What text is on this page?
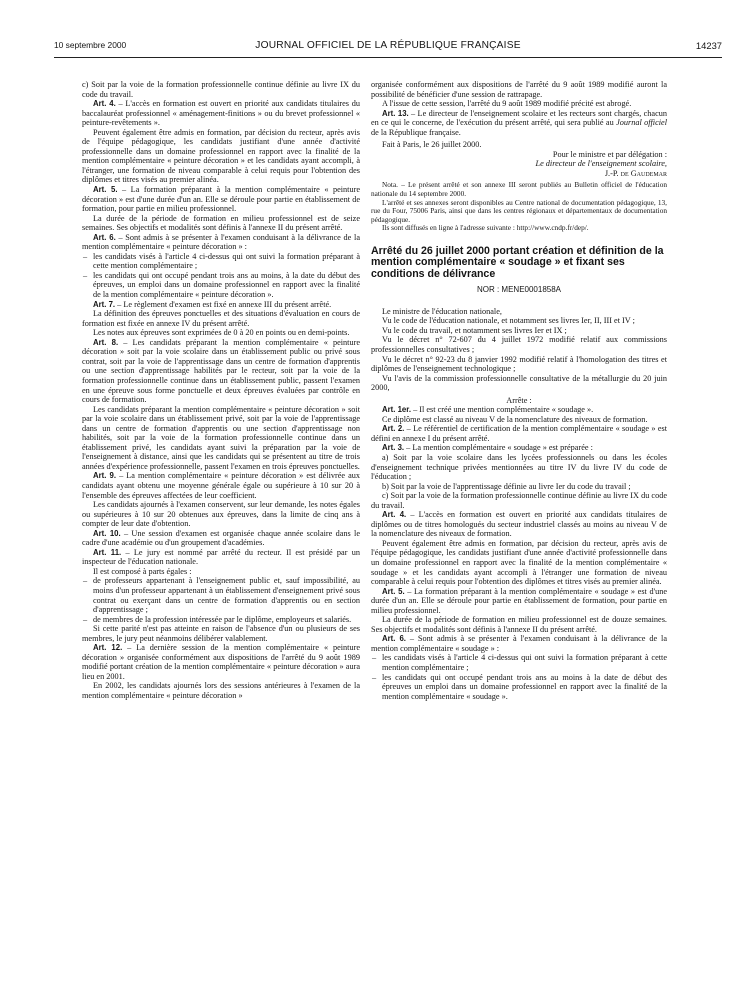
10 septembre 2000	JOURNAL OFFICIEL DE LA RÉPUBLIQUE FRANÇAISE	14237

c) Soit par la voie de la formation professionnelle continue définie au livre IX du code du travail.

Art. 4. – L'accès en formation est ouvert en priorité aux candidats titulaires du baccalauréat professionnel « aménagement-finitions » ou du brevet professionnel « peinture-revêtements ».

Peuvent également être admis en formation, par décision du recteur, après avis de l'équipe pédagogique, les candidats justifiant d'une année d'activité professionnelle dans un domaine professionnel en rapport avec la finalité de la mention complémentaire « peinture décoration » et les candidats ayant accompli, à l'étranger, une formation de niveau comparable à celui requis pour l'obtention des diplômes et titres visés au premier alinéa.

Art. 5. – La formation préparant à la mention complémentaire « peinture décoration » est d'une durée d'un an. Elle se déroule pour partie en établissement de formation, pour partie en milieu professionnel.

La durée de la période de formation en milieu professionnel est de seize semaines. Ses objectifs et modalités sont définis à l'annexe II du présent arrêté.

Art. 6. – Sont admis à se présenter à l'examen conduisant à la délivrance de la mention complémentaire « peinture décoration » :

– les candidats visés à l'article 4 ci-dessus qui ont suivi la formation préparant à cette mention complémentaire ;
– les candidats qui ont occupé pendant trois ans au moins, à la date du début des épreuves, un emploi dans un domaine professionnel en rapport avec la finalité de la mention complémentaire « peinture décoration ».

Art. 7. – Le règlement d'examen est fixé en annexe III du présent arrêté.

La définition des épreuves ponctuelles et des situations d'évaluation en cours de formation est fixée en annexe IV du présent arrêté.

Les notes aux épreuves sont exprimées de 0 à 20 en points ou en demi-points.

Art. 8. – Les candidats préparant la mention complémentaire « peinture décoration » soit par la voie scolaire dans un établissement public ou privé sous contrat, soit par la voie de l'apprentissage dans un centre de formation d'apprentis ou une section d'apprentissage habilités par le recteur, soit par la voie de la formation professionnelle continue dans un établissement public, passent l'examen en une épreuve sous forme ponctuelle et deux épreuves évaluées par contrôle en cours de formation.

Les candidats préparant la mention complémentaire « peinture décoration » soit par la voie scolaire dans un établissement privé, soit par la voie de l'apprentissage dans un centre de formation d'apprentis ou une section d'apprentissage non habilités, soit par la voie de la formation professionnelle continue dans un établissement privé, les candidats ayant suivi la préparation par la voie de l'enseignement à distance, ainsi que les candidats qui se présentent au titre de trois années d'expérience professionnelle, passent l'examen en trois épreuves ponctuelles.

Art. 9. – La mention complémentaire « peinture décoration » est délivrée aux candidats ayant obtenu une moyenne générale égale ou supérieure à 10 sur 20 à l'ensemble des épreuves affectées de leur coefficient.

Les candidats ajournés à l'examen conservent, sur leur demande, les notes égales ou supérieures à 10 sur 20 obtenues aux épreuves, dans la limite de cinq ans à compter de leur date d'obtention.

Art. 10. – Une session d'examen est organisée chaque année scolaire dans le cadre d'une académie ou d'un groupement d'académies.

Art. 11. – Le jury est nommé par arrêté du recteur. Il est présidé par un inspecteur de l'éducation nationale.

Il est composé à parts égales :

– de professeurs appartenant à l'enseignement public et, sauf impossibilité, au moins d'un professeur appartenant à un établissement d'enseignement privé sous contrat ou exerçant dans un centre de formation d'apprentis ou en section d'apprentissage ;
– de membres de la profession intéressée par le diplôme, employeurs et salariés.

Si cette parité n'est pas atteinte en raison de l'absence d'un ou plusieurs de ses membres, le jury peut néanmoins délibérer valablement.

Art. 12. – La dernière session de la mention complémentaire « peinture décoration » organisée conformément aux dispositions de l'arrêté du 9 août 1989 modifié portant création de la mention complémentaire « peinture décoration » aura lieu en 2001.

En 2002, les candidats ajournés lors des sessions antérieures à l'examen de la mention complémentaire « peinture décoration »

organisée conformément aux dispositions de l'arrêté du 9 août 1989 modifié auront la possibilité de bénéficier d'une session de rattrapage.

A l'issue de cette session, l'arrêté du 9 août 1989 modifié précité est abrogé.

Art. 13. – Le directeur de l'enseignement scolaire et les recteurs sont chargés, chacun en ce qui le concerne, de l'exécution du présent arrêté, qui sera publié au Journal officiel de la République française.

Fait à Paris, le 26 juillet 2000.

Pour le ministre et par délégation :
Le directeur de l'enseignement scolaire,
J.-P. de Gaudemar

Nota. – Le présent arrêté et son annexe III seront publiés au Bulletin officiel de l'éducation nationale du 14 septembre 2000.

L'arrêté et ses annexes seront disponibles au Centre national de documentation pédagogique, 13, rue du Four, 75006 Paris, ainsi que dans les centres régionaux et départementaux de documentation pédagogique.

Ils sont diffusés en ligne à l'adresse suivante : http://www.cndp.fr/dep/.

Arrêté du 26 juillet 2000 portant création et définition de la mention complémentaire « soudage » et fixant ses conditions de délivrance
NOR : MENE0001858A

Le ministre de l'éducation nationale,

Vu le code de l'éducation nationale, et notamment ses livres Ier, II, III et IV ;

Vu le code du travail, et notamment ses livres Ier et IX ;

Vu le décret n° 72-607 du 4 juillet 1972 modifié relatif aux commissions professionnelles consultatives ;

Vu le décret n° 92-23 du 8 janvier 1992 modifié relatif à l'homologation des titres et diplômes de l'enseignement technologique ;

Vu l'avis de la commission professionnelle consultative de la métallurgie du 20 juin 2000,

Arrête :

Art. 1er. – Il est créé une mention complémentaire « soudage ».

Ce diplôme est classé au niveau V de la nomenclature des niveaux de formation.

Art. 2. – Le référentiel de certification de la mention complémentaire « soudage » est défini en annexe I du présent arrêté.

Art. 3. – La mention complémentaire « soudage » est préparée :

a) Soit par la voie scolaire dans les lycées professionnels ou dans les écoles d'enseignement technique privées mentionnées au titre IV du livre IV du code de l'éducation ;

b) Soit par la voie de l'apprentissage définie au livre Ier du code du travail ;

c) Soit par la voie de la formation professionnelle continue définie au livre IX du code du travail.

Art. 4. – L'accès en formation est ouvert en priorité aux candidats titulaires de diplômes ou de titres homologués du secteur industriel classés au moins au niveau V de la nomenclature des niveaux de formation.

Peuvent également être admis en formation, par décision du recteur, après avis de l'équipe pédagogique, les candidats justifiant d'une année d'activité professionnelle dans un domaine professionnel en rapport avec la finalité de la mention complémentaire « soudage » et les candidats ayant accompli à l'étranger une formation de niveau comparable à celui requis pour l'obtention des diplômes et titres visés au premier alinéa.

Art. 5. – La formation préparant à la mention complémentaire « soudage » est d'une durée d'un an. Elle se déroule pour partie en établissement de formation, pour partie en milieu professionnel.

La durée de la période de formation en milieu professionnel est de douze semaines. Ses objectifs et modalités sont définis à l'annexe II du présent arrêté.

Art. 6. – Sont admis à se présenter à l'examen conduisant à la délivrance de la mention complémentaire « soudage » :

– les candidats visés à l'article 4 ci-dessus qui ont suivi la formation préparant à cette mention complémentaire ;
– les candidats qui ont occupé pendant trois ans au moins à la date de début des épreuves un emploi dans un domaine professionnel en rapport avec la finalité de la mention complémentaire « soudage ».
